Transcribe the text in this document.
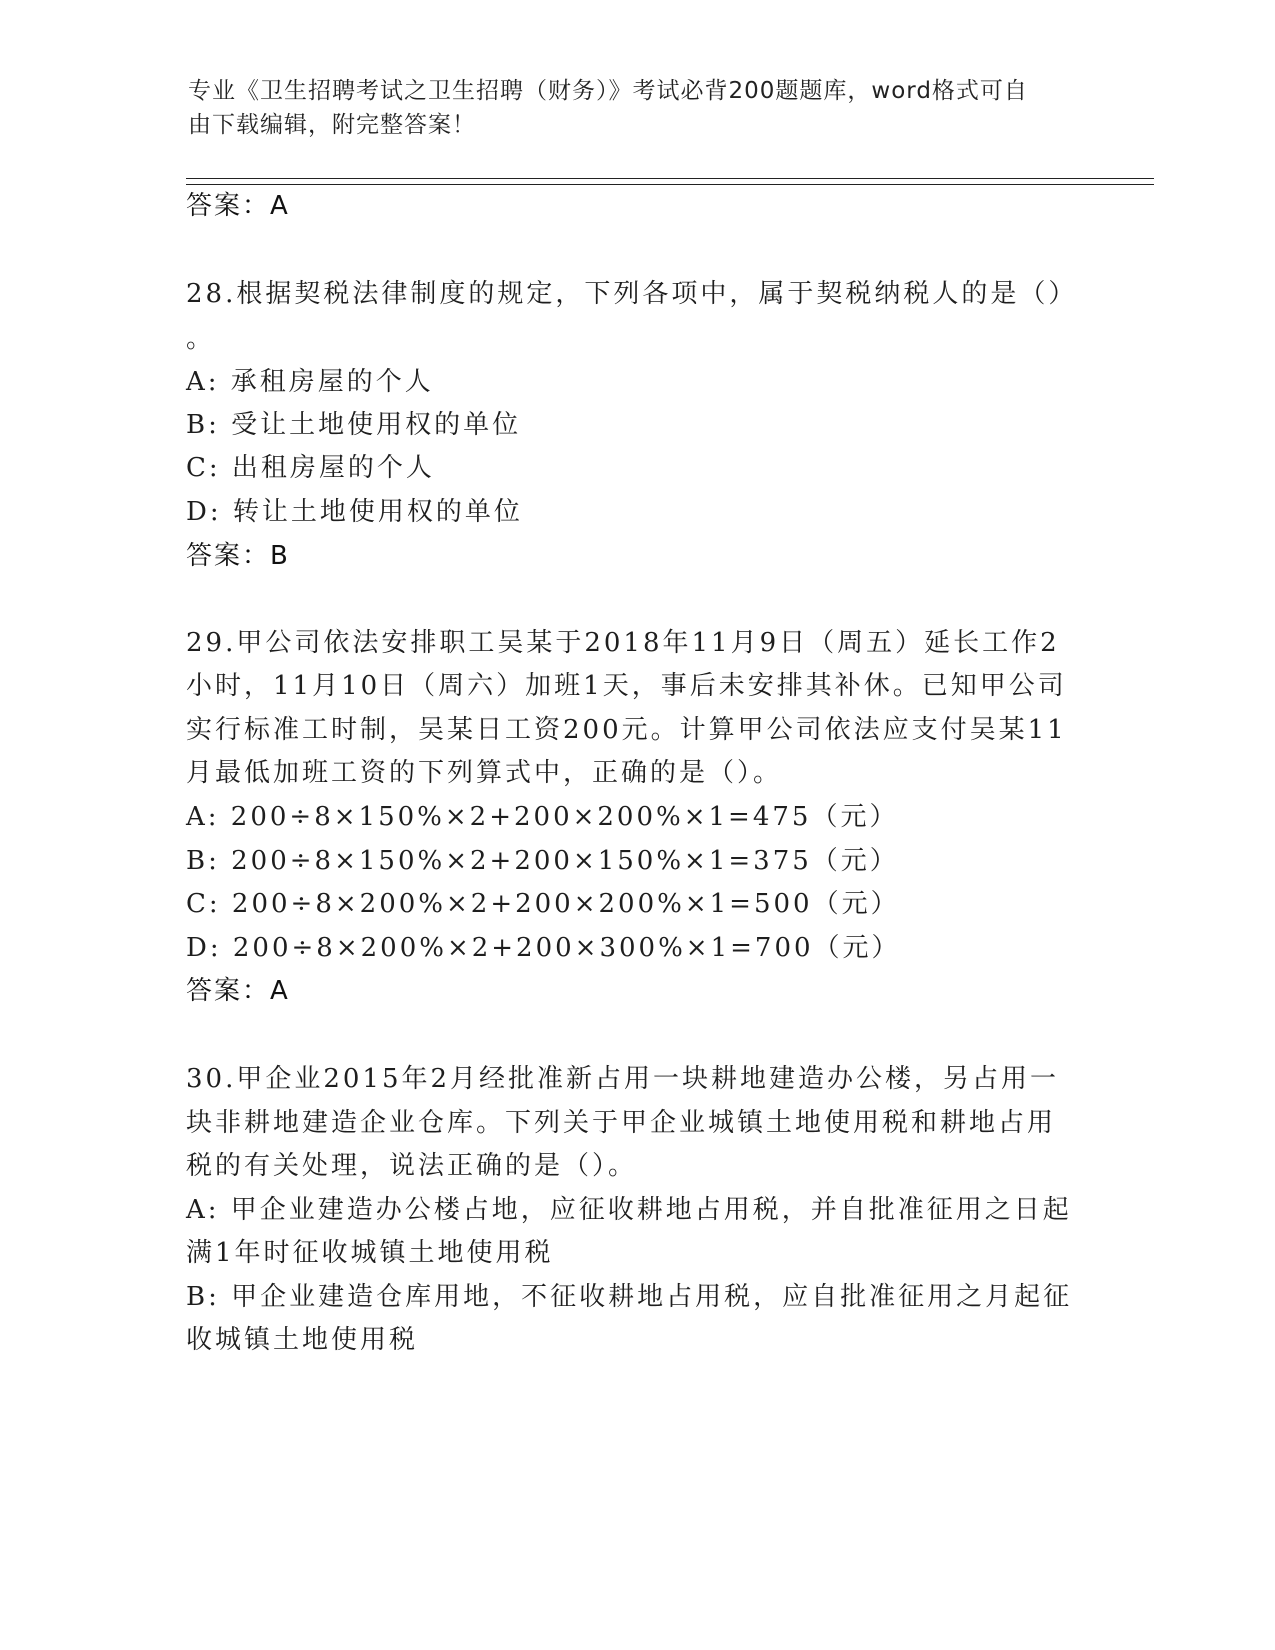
专业《卫生招聘考试之卫生招聘（财务）》考试必背200题题库，word格式可自
由下载编辑，附完整答案！
答案：A
28.根据契税法律制度的规定，下列各项中，属于契税纳税人的是（）
。
A: 承租房屋的个人
B: 受让土地使用权的单位
C: 出租房屋的个人
D: 转让土地使用权的单位
答案：B
29.甲公司依法安排职工吴某于2018年11月9日（周五）延长工作2
小时，11月10日（周六）加班1天，事后未安排其补休。已知甲公司
实行标准工时制，吴某日工资200元。计算甲公司依法应支付吴某11
月最低加班工资的下列算式中，正确的是（）。
A: 200÷8×150%×2+200×200%×1=475（元）
B: 200÷8×150%×2+200×150%×1=375（元）
C: 200÷8×200%×2+200×200%×1=500（元）
D: 200÷8×200%×2+200×300%×1=700（元）
答案：A
30.甲企业2015年2月经批准新占用一块耕地建造办公楼，另占用一
块非耕地建造企业仓库。下列关于甲企业城镇土地使用税和耕地占用
税的有关处理，说法正确的是（）。
A: 甲企业建造办公楼占地，应征收耕地占用税，并自批准征用之日起
满1年时征收城镇土地使用税
B: 甲企业建造仓库用地，不征收耕地占用税，应自批准征用之月起征
收城镇土地使用税
